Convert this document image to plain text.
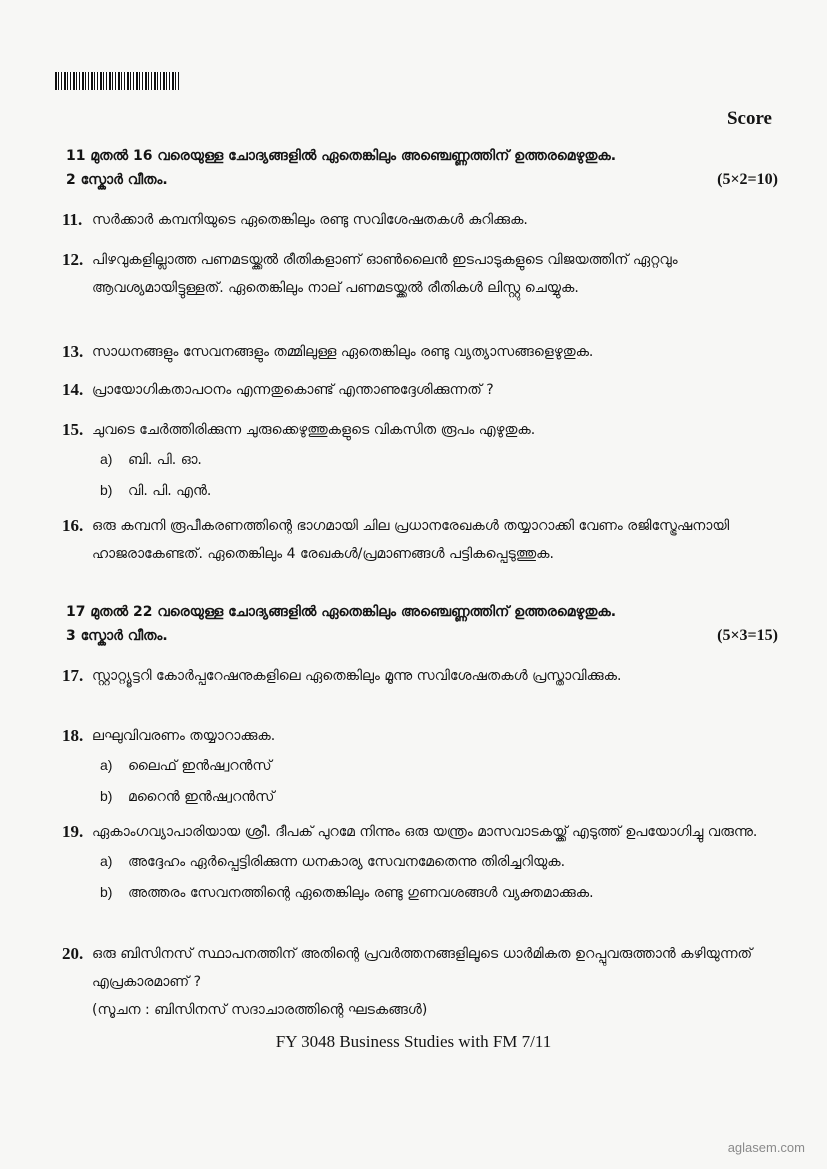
Score
11 മുതൽ 16 വരെയുള്ള ചോദ്യങ്ങളിൽ ഏതെങ്കിലും അഞ്ചെണ്ണത്തിന് ഉത്തരമെഴുതുക.
2 സ്കോർ വീതം.	(5×2=10)
11. സർക്കാർ കമ്പനിയുടെ ഏതെങ്കിലും രണ്ടു സവിശേഷതകൾ കുറിക്കുക.
12. പിഴവുകളില്ലാത്ത പണമടയ്ക്കൽ രീതികളാണ് ഓൺലൈൻ ഇടപാടുകളുടെ വിജയത്തിന് ഏറ്റവും ആവശ്യമായിട്ടുള്ളത്. ഏതെങ്കിലും നാല് പണമടയ്ക്കൽ രീതികൾ ലിസ്റ്റു ചെയ്യുക.
13. സാധനങ്ങളും സേവനങ്ങളും തമ്മിലുള്ള ഏതെങ്കിലും രണ്ടു വ്യത്യാസങ്ങളെഴുതുക.
14. പ്രായോഗികതാപഠനം എന്നതുകൊണ്ട് എന്താണുദ്ദേശിക്കുന്നത് ?
15. ചുവടെ ചേർത്തിരിക്കുന്ന ചുരുക്കെഴുത്തുകളുടെ വികസിത രൂപം എഴുതുക.
a) ബി. പി. ഓ.
b) വി. പി. എൻ.
16. ഒരു കമ്പനി രൂപീകരണത്തിന്റെ ഭാഗമായി ചില പ്രധാനരേഖകൾ തയ്യാറാക്കി വേണം രജിസ്ട്രേഷനായി ഹാജരാകേണ്ടത്. ഏതെങ്കിലും 4 രേഖകൾ/പ്രമാണങ്ങൾ പട്ടികപ്പെടുത്തുക.
17 മുതൽ 22 വരെയുള്ള ചോദ്യങ്ങളിൽ ഏതെങ്കിലും അഞ്ചെണ്ണത്തിന് ഉത്തരമെഴുതുക.
3 സ്കോർ വീതം.	(5×3=15)
17. സ്റ്റാറ്റ്യൂട്ടറി കോർപ്പറേഷനുകളിലെ ഏതെങ്കിലും മൂന്നു സവിശേഷതകൾ പ്രസ്താവിക്കുക.
18. ലഘുവിവരണം തയ്യാറാക്കുക.
a) ലൈഫ് ഇൻഷ്വറൻസ്
b) മറൈൻ ഇൻഷ്വറൻസ്
19. ഏകാംഗവ്യാപാരിയായ ശ്രീ. ദീപക് പുറമേ നിന്നും ഒരു യന്ത്രം മാസവാടകയ്ക്ക് എടുത്ത് ഉപയോഗിച്ചു വരുന്നു.
a) അദ്ദേഹം ഏർപ്പെട്ടിരിക്കുന്ന ധനകാര്യ സേവനമേതെന്നു തിരിച്ചറിയുക.
b) അത്തരം സേവനത്തിന്റെ ഏതെങ്കിലും രണ്ടു ഗുണവശങ്ങൾ വ്യക്തമാക്കുക.
20. ഒരു ബിസിനസ് സ്ഥാപനത്തിന് അതിന്റെ പ്രവർത്തനങ്ങളിലൂടെ ധാർമികത ഉറപ്പുവരുത്താൻ കഴിയുന്നത് എപ്രകാരമാണ് ?
(സൂചന : ബിസിനസ് സദാചാരത്തിന്റെ ഘടകങ്ങൾ)
FY 3048 Business Studies with FM 7/11
aglasem.com
